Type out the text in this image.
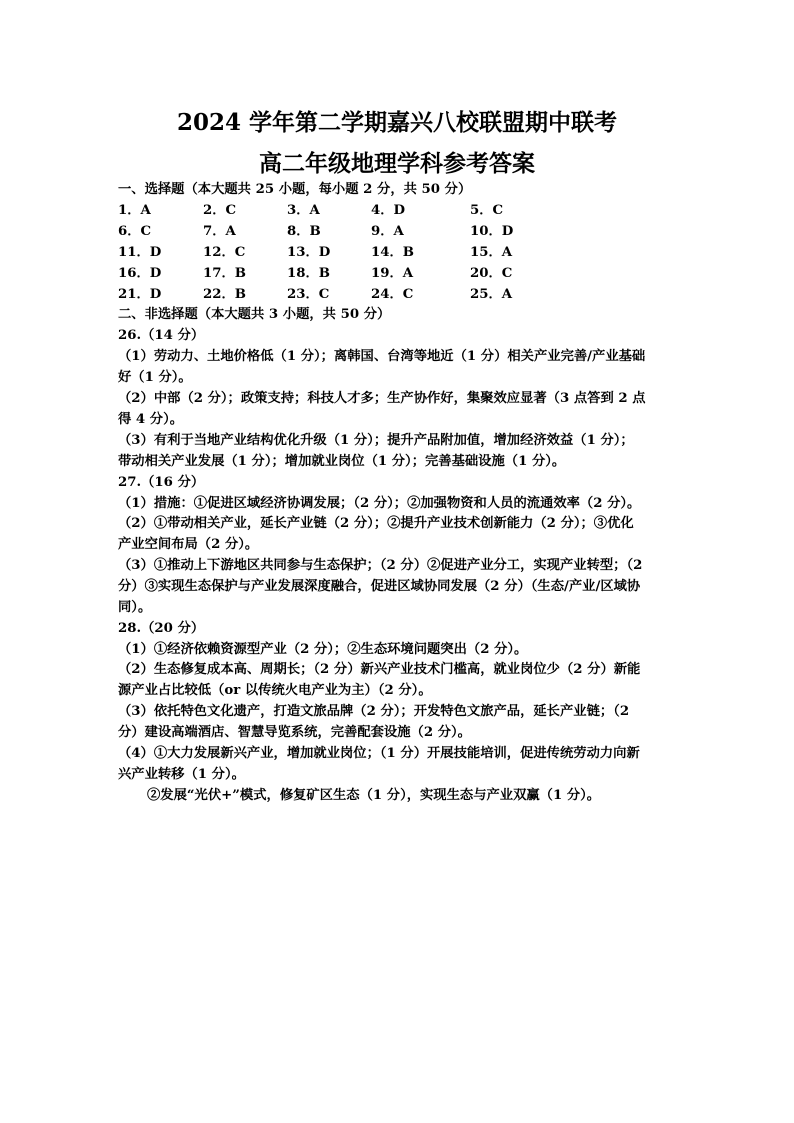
2024 学年第二学期嘉兴八校联盟期中联考
高二年级地理学科参考答案
一、选择题（本大题共 25 小题，每小题 2 分，共 50 分）
1．A	2．C	3．A	4．D	5．C
6．C	7．A	8．B	9．A	10．D
11．D	12．C	13．D	14．B	15．A
16．D	17．B	18．B	19．A	20．C
21．D	22．B	23．C	24．C	25．A
二、非选择题（本大题共 3 小题，共 50 分）
26.（14 分）
（1）劳动力、土地价格低（1 分）；离韩国、台湾等地近（1 分）相关产业完善/产业基础
好（1 分）。
（2）中部（2 分）；政策支持；科技人才多；生产协作好，集聚效应显著（3 点答到 2 点
得 4 分）。
（3）有利于当地产业结构优化升级（1 分）；提升产品附加值，增加经济效益（1 分）；
带动相关产业发展（1 分）；增加就业岗位（1 分）；完善基础设施（1 分）。
27.（16 分）
（1）措施：①促进区域经济协调发展；（2 分）；②加强物资和人员的流通效率（2 分）。
（2）①带动相关产业，延长产业链（2 分）；②提升产业技术创新能力（2 分）；③优化
产业空间布局（2 分）。
（3）①推动上下游地区共同参与生态保护；（2 分）②促进产业分工，实现产业转型；（2
分）③实现生态保护与产业发展深度融合，促进区域协同发展（2 分）（生态/产业/区域协
同）。
28.（20 分）
（1）①经济依赖资源型产业（2 分）；②生态环境问题突出（2 分）。
（2）生态修复成本高、周期长；（2 分）新兴产业技术门槛高，就业岗位少（2 分）新能
源产业占比较低（or 以传统火电产业为主）（2 分）。
（3）依托特色文化遗产，打造文旅品牌（2 分）；开发特色文旅产品，延长产业链；（2
分）建设高端酒店、智慧导览系统，完善配套设施（2 分）。
（4）①大力发展新兴产业，增加就业岗位；（1 分）开展技能培训，促进传统劳动力向新
兴产业转移（1 分）。
②发展“光伏+”模式，修复矿区生态（1 分），实现生态与产业双赢（1 分）。
